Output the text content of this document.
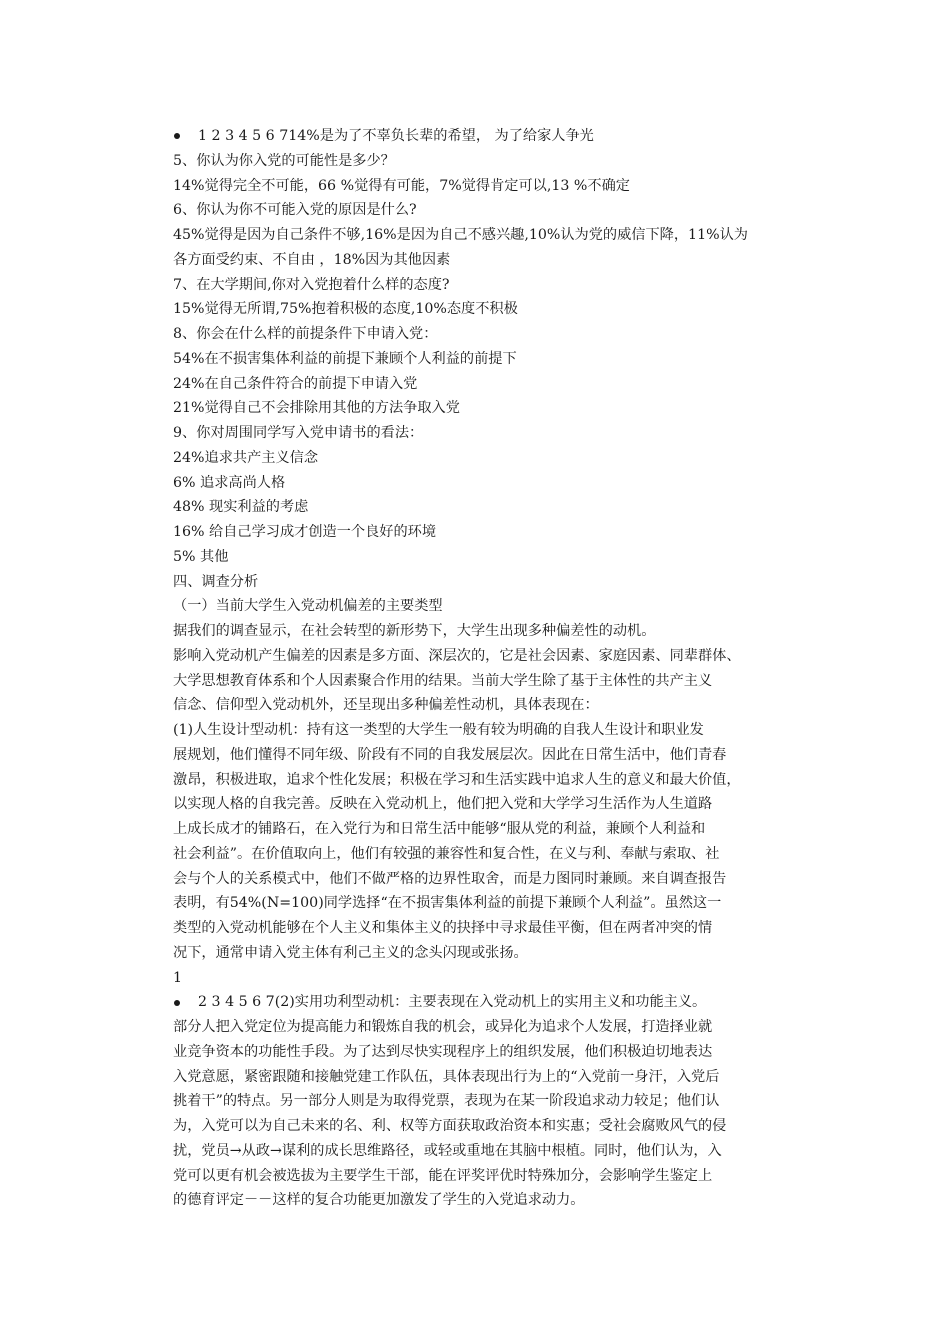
1 2 3 4 5 6 714%是为了不辜负长辈的希望， 为了给家人争光
5、你认为你入党的可能性是多少？
14%觉得完全不可能，66 %觉得有可能，7%觉得肯定可以,13 %不确定
6、你认为你不可能入党的原因是什么?
45%觉得是因为自己条件不够,16%是因为自己不感兴趣,10%认为党的威信下降，11%认为
各方面受约束、不自由 ，18%因为其他因素
7、在大学期间,你对入党抱着什么样的态度?
15%觉得无所谓,75%抱着积极的态度,10%态度不积极
8、你会在什么样的前提条件下申请入党：
54%在不损害集体利益的前提下兼顾个人利益的前提下
24%在自己条件符合的前提下申请入党
21%觉得自己不会排除用其他的方法争取入党
9、你对周围同学写入党申请书的看法：
24%追求共产主义信念
6% 追求高尚人格
48% 现实利益的考虑
16% 给自己学习成才创造一个良好的环境
5% 其他
四、调查分析
（一）当前大学生入党动机偏差的主要类型
据我们的调查显示，在社会转型的新形势下，大学生出现多种偏差性的动机。
影响入党动机产生偏差的因素是多方面、深层次的，它是社会因素、家庭因素、同辈群体、
大学思想教育体系和个人因素聚合作用的结果。当前大学生除了基于主体性的共产主义
信念、信仰型入党动机外，还呈现出多种偏差性动机，具体表现在：
(1)人生设计型动机：持有这一类型的大学生一般有较为明确的自我人生设计和职业发
展规划，他们懂得不同年级、阶段有不同的自我发展层次。因此在日常生活中，他们青春
激昂，积极进取，追求个性化发展；积极在学习和生活实践中追求人生的意义和最大价值，
以实现人格的自我完善。反映在入党动机上，他们把入党和大学学习生活作为人生道路
上成长成才的铺路石，在入党行为和日常生活中能够“服从党的利益，兼顾个人利益和
社会利益”。在价值取向上，他们有较强的兼容性和复合性，在义与利、奉献与索取、社
会与个人的关系模式中，他们不做严格的边界性取舍，而是力图同时兼顾。来自调查报告
表明，有54%(N=100)同学选择“在不损害集体利益的前提下兼顾个人利益”。虽然这一
类型的入党动机能够在个人主义和集体主义的抉择中寻求最佳平衡，但在两者冲突的情
况下，通常申请入党主体有利己主义的念头闪现或张扬。
1
2 3 4 5 6 7(2)实用功利型动机：主要表现在入党动机上的实用主义和功能主义。
部分人把入党定位为提高能力和锻炼自我的机会，或异化为追求个人发展，打造择业就
业竞争资本的功能性手段。为了达到尽快实现程序上的组织发展，他们积极迫切地表达
入党意愿，紧密跟随和接触党建工作队伍，具体表现出行为上的“入党前一身汗，入党后
挑着干”的特点。另一部分人则是为取得党票，表现为在某一阶段追求动力较足；他们认
为，入党可以为自己未来的名、利、权等方面获取政治资本和实惠；受社会腐败风气的侵
扰，党员→从政→谋利的成长思维路径，或轻或重地在其脑中根植。同时，他们认为，入
党可以更有机会被选拔为主要学生干部，能在评奖评优时特殊加分，会影响学生鉴定上
的德育评定－－这样的复合功能更加激发了学生的入党追求动力。
